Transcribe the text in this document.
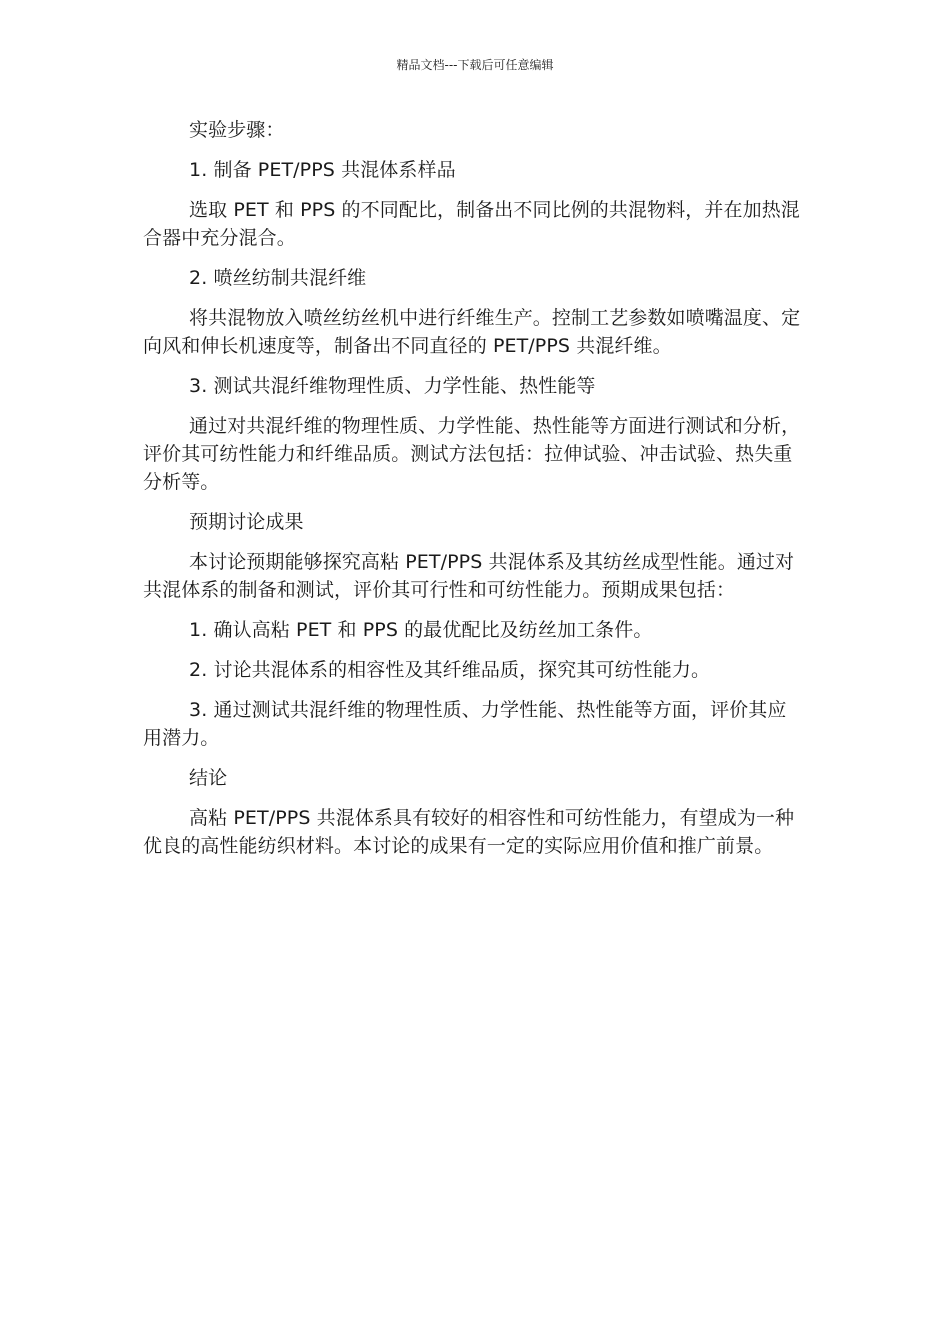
精品文档---下载后可任意编辑

实验步骤：

1. 制备 PET/PPS 共混体系样品

选取 PET 和 PPS 的不同配比，制备出不同比例的共混物料，并在加热混合器中充分混合。

2. 喷丝纺制共混纤维

将共混物放入喷丝纺丝机中进行纤维生产。控制工艺参数如喷嘴温度、定向风和伸长机速度等，制备出不同直径的 PET/PPS 共混纤维。

3. 测试共混纤维物理性质、力学性能、热性能等

通过对共混纤维的物理性质、力学性能、热性能等方面进行测试和分析，评价其可纺性能力和纤维品质。测试方法包括：拉伸试验、冲击试验、热失重分析等。

预期讨论成果

本讨论预期能够探究高粘 PET/PPS 共混体系及其纺丝成型性能。通过对共混体系的制备和测试，评价其可行性和可纺性能力。预期成果包括：

1. 确认高粘 PET 和 PPS 的最优配比及纺丝加工条件。

2. 讨论共混体系的相容性及其纤维品质，探究其可纺性能力。

3. 通过测试共混纤维的物理性质、力学性能、热性能等方面，评价其应用潜力。

结论

高粘 PET/PPS 共混体系具有较好的相容性和可纺性能力，有望成为一种优良的高性能纺织材料。本讨论的成果有一定的实际应用价值和推广前景。
